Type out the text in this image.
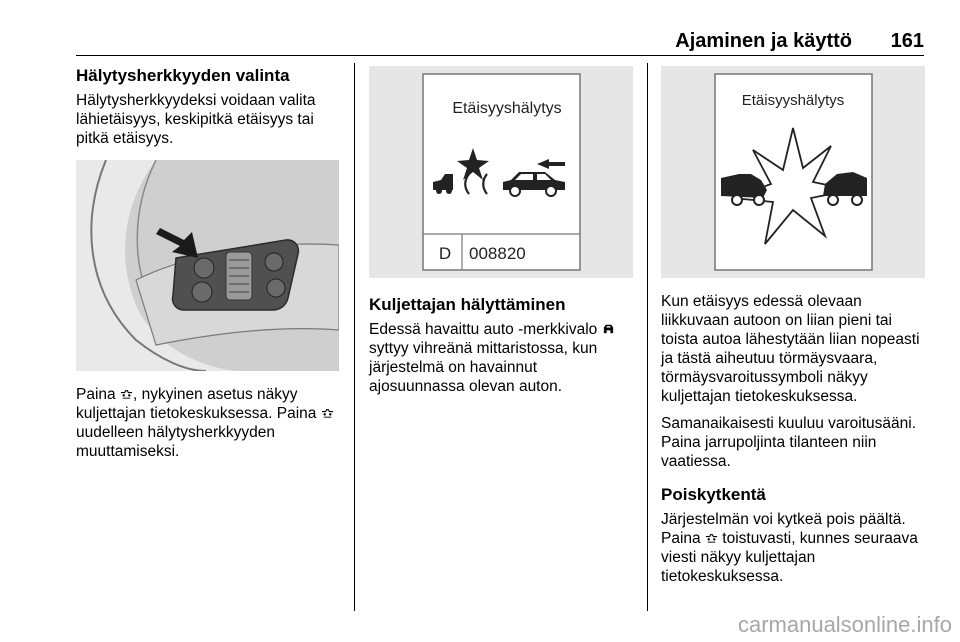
Ajaminen ja käyttö	161
Hälytysherkkyyden valinta

Hälytysherkkyydeksi voidaan valita lähietäisyys, keskipitkä etäisyys tai pitkä etäisyys.

Paina , nykyinen asetus näkyy kuljettajan tietokeskuksessa. Paina  uudelleen hälytysherkkyyden muuttamiseksi.

Etäisyyshälytys
D	008820
Kuljettajan hälyttäminen

Edessä havaittu auto -merkkivalo  syttyy vihreänä mittaristossa, kun järjestelmä on havainnut ajosuunnassa olevan auton.

Etäisyyshälytys

Kun etäisyys edessä olevaan liikkuvaan autoon on liian pieni tai toista autoa lähestytään liian nopeasti ja tästä aiheutuu törmäysvaara, törmäysvaroitussymboli näkyy kuljettajan tietokeskuksessa.

Samanaikaisesti kuuluu varoitusääni. Paina jarrupoljinta tilanteen niin vaatiessa.

Poiskytkentä

Järjestelmän voi kytkeä pois päältä. Paina toistuvasti, kunnes seuraava viesti näkyy kuljettajan tietokeskuksessa.

carmanualsonline.info
